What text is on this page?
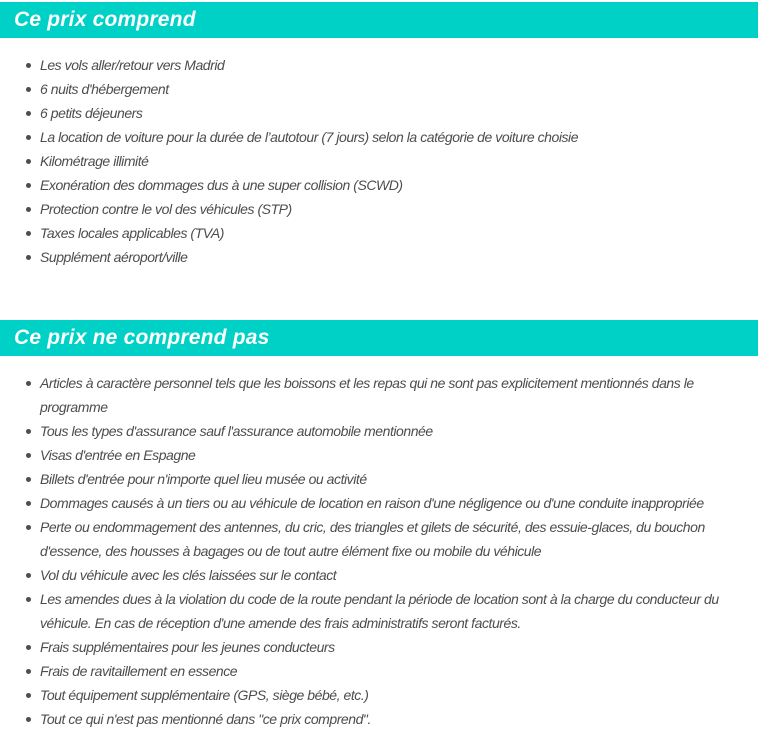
Ce prix comprend
Les vols aller/retour vers Madrid
6 nuits d'hébergement
6 petits déjeuners
La location de voiture pour la durée de l’autotour (7 jours) selon la catégorie de voiture choisie
Kilométrage illimité
Exonération des dommages dus à une super collision (SCWD)
Protection contre le vol des véhicules (STP)
Taxes locales applicables (TVA)
Supplément aéroport/ville
Ce prix ne comprend pas
Articles à caractère personnel tels que les boissons et les repas qui ne sont pas explicitement mentionnés dans le programme
Tous les types d'assurance sauf l'assurance automobile mentionnée
Visas d'entrée en Espagne
Billets d'entrée pour n'importe quel lieu musée ou activité
Dommages causés à un tiers ou au véhicule de location en raison d'une négligence ou d'une conduite inappropriée
Perte ou endommagement des antennes, du cric, des triangles et gilets de sécurité, des essuie-glaces, du bouchon d'essence, des housses à bagages ou de tout autre élément fixe ou mobile du véhicule
Vol du véhicule avec les clés laissées sur le contact
Les amendes dues à la violation du code de la route pendant la période de location sont à la charge du conducteur du véhicule. En cas de réception d'une amende des frais administratifs seront facturés.
Frais supplémentaires pour les jeunes conducteurs
Frais de ravitaillement en essence
Tout équipement supplémentaire (GPS, siège bébé, etc.)
Tout ce qui n'est pas mentionné dans "ce prix comprend".
